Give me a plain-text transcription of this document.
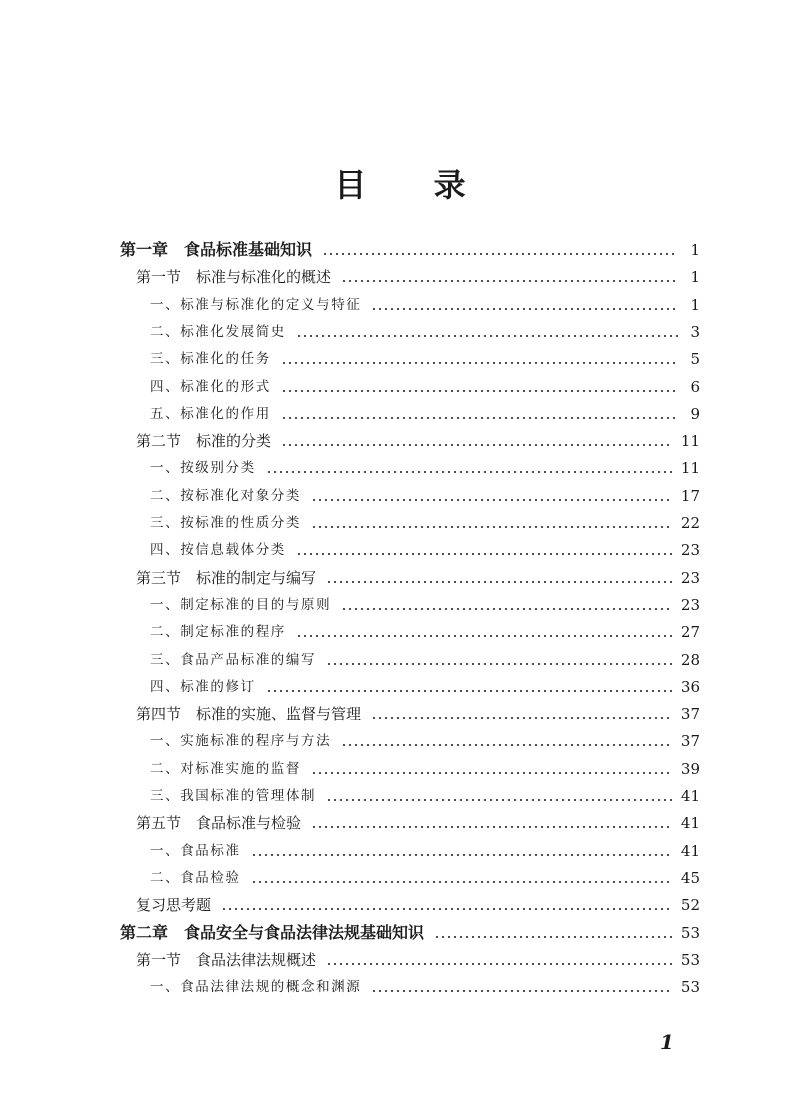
目 录
第一章　食品标准基础知识	1
第一节　标准与标准化的概述	1
一、标准与标准化的定义与特征	1
二、标准化发展简史	3
三、标准化的任务	5
四、标准化的形式	6
五、标准化的作用	9
第二节　标准的分类	11
一、按级别分类	11
二、按标准化对象分类	17
三、按标准的性质分类	22
四、按信息载体分类	23
第三节　标准的制定与编写	23
一、制定标准的目的与原则	23
二、制定标准的程序	27
三、食品产品标准的编写	28
四、标准的修订	36
第四节　标准的实施、监督与管理	37
一、实施标准的程序与方法	37
二、对标准实施的监督	39
三、我国标准的管理体制	41
第五节　食品标准与检验	41
一、食品标准	41
二、食品检验	45
复习思考题	52
第二章　食品安全与食品法律法规基础知识	53
第一节　食品法律法规概述	53
一、食品法律法规的概念和渊源	53
1
